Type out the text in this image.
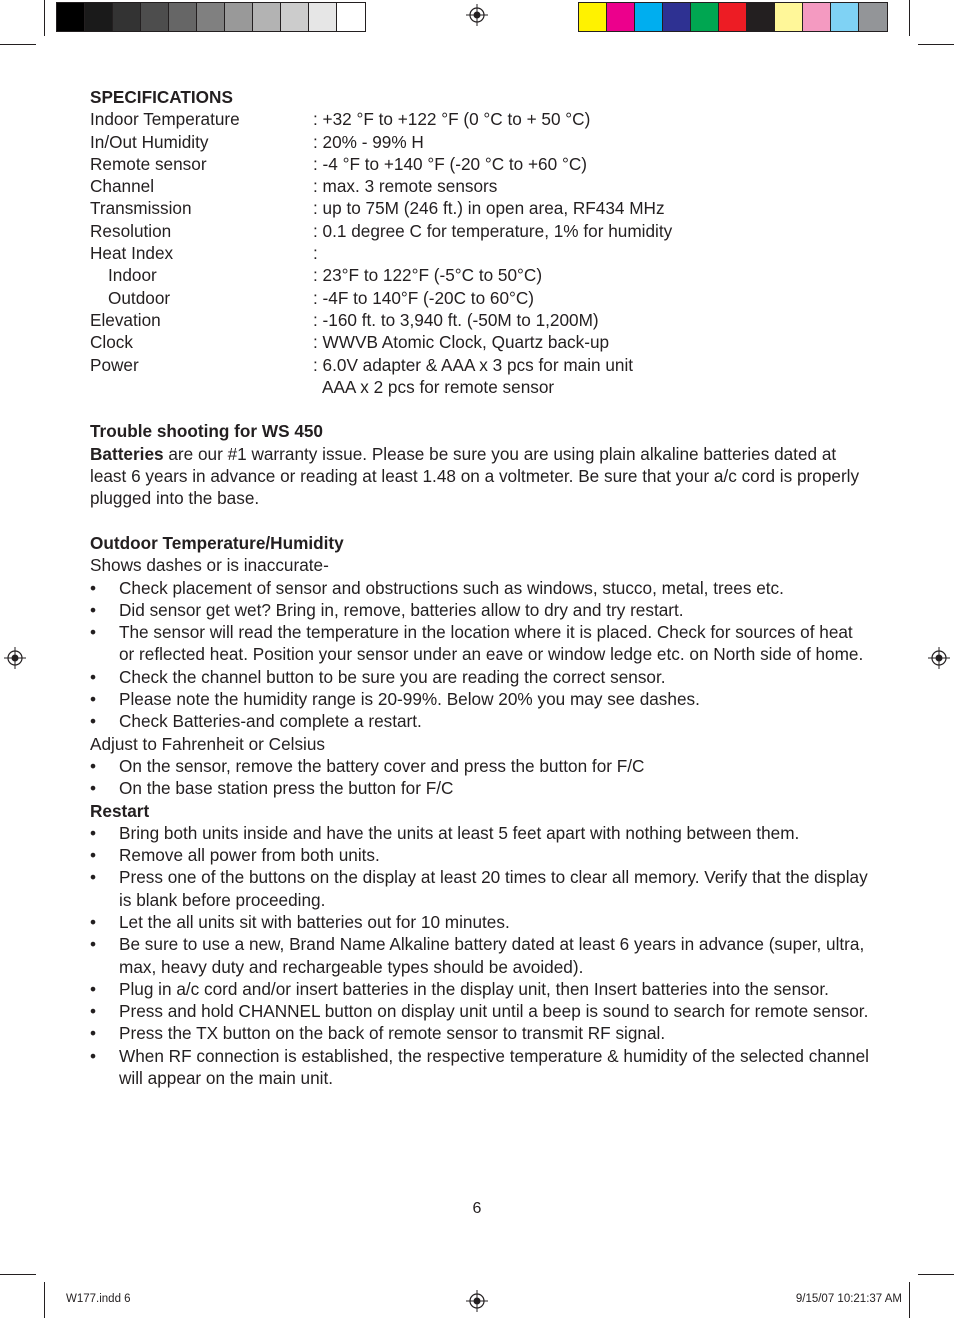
SPECIFICATIONS
Indoor Temperature	: +32 °F to +122 °F (0 °C to + 50 °C)
In/Out Humidity	: 20% - 99% H
Remote sensor	: -4 °F to +140 °F (-20 °C to +60 °C)
Channel	: max. 3 remote sensors
Transmission	: up to 75M (246 ft.) in open area, RF434 MHz
Resolution	: 0.1 degree C for temperature, 1% for humidity
Heat Index	:
Indoor	: 23°F to 122°F (-5°C to 50°C)
Outdoor	: -4F to 140°F (-20C to 60°C)
Elevation	: -160 ft. to 3,940 ft. (-50M to 1,200M)
Clock	: WWVB Atomic Clock, Quartz back-up
Power	: 6.0V adapter & AAA x 3 pcs for main unit
AAA x 2 pcs for remote sensor
Trouble shooting for WS 450
Batteries are our #1 warranty issue. Please be sure you are using plain alkaline batteries dated at least 6 years in advance or reading at least 1.48 on a voltmeter. Be sure that your a/c cord is properly plugged into the base.
Outdoor Temperature/Humidity
Shows dashes or is inaccurate-
• Check placement of sensor and obstructions such as windows, stucco, metal, trees etc.
• Did sensor get wet? Bring in, remove, batteries allow to dry and try restart.
• The sensor will read the temperature in the location where it is placed. Check for sources of heat or reflected heat. Position your sensor under an eave or window ledge etc. on North side of home.
• Check the channel button to be sure you are reading the correct sensor.
• Please note the humidity range is 20-99%. Below 20% you may see dashes.
• Check Batteries-and complete a restart.
Adjust to Fahrenheit or Celsius
• On the sensor, remove the battery cover and press the button for F/C
• On the base station press the button for F/C
Restart
• Bring both units inside and have the units at least 5 feet apart with nothing between them.
• Remove all power from both units.
• Press one of the buttons on the display at least 20 times to clear all memory. Verify that the display is blank before proceeding.
• Let the all units sit with batteries out for 10 minutes.
• Be sure to use a new, Brand Name Alkaline battery dated at least 6 years in advance (super, ultra, max, heavy duty and rechargeable types should be avoided).
• Plug in a/c cord and/or insert batteries in the display unit, then Insert batteries into the sensor.
• Press and hold CHANNEL button on display unit until a beep is sound to search for remote sensor.
• Press the TX button on the back of remote sensor to transmit RF signal.
• When RF connection is established, the respective temperature & humidity of the selected channel will appear on the main unit.
6
W177.indd 6	9/15/07 10:21:37 AM
